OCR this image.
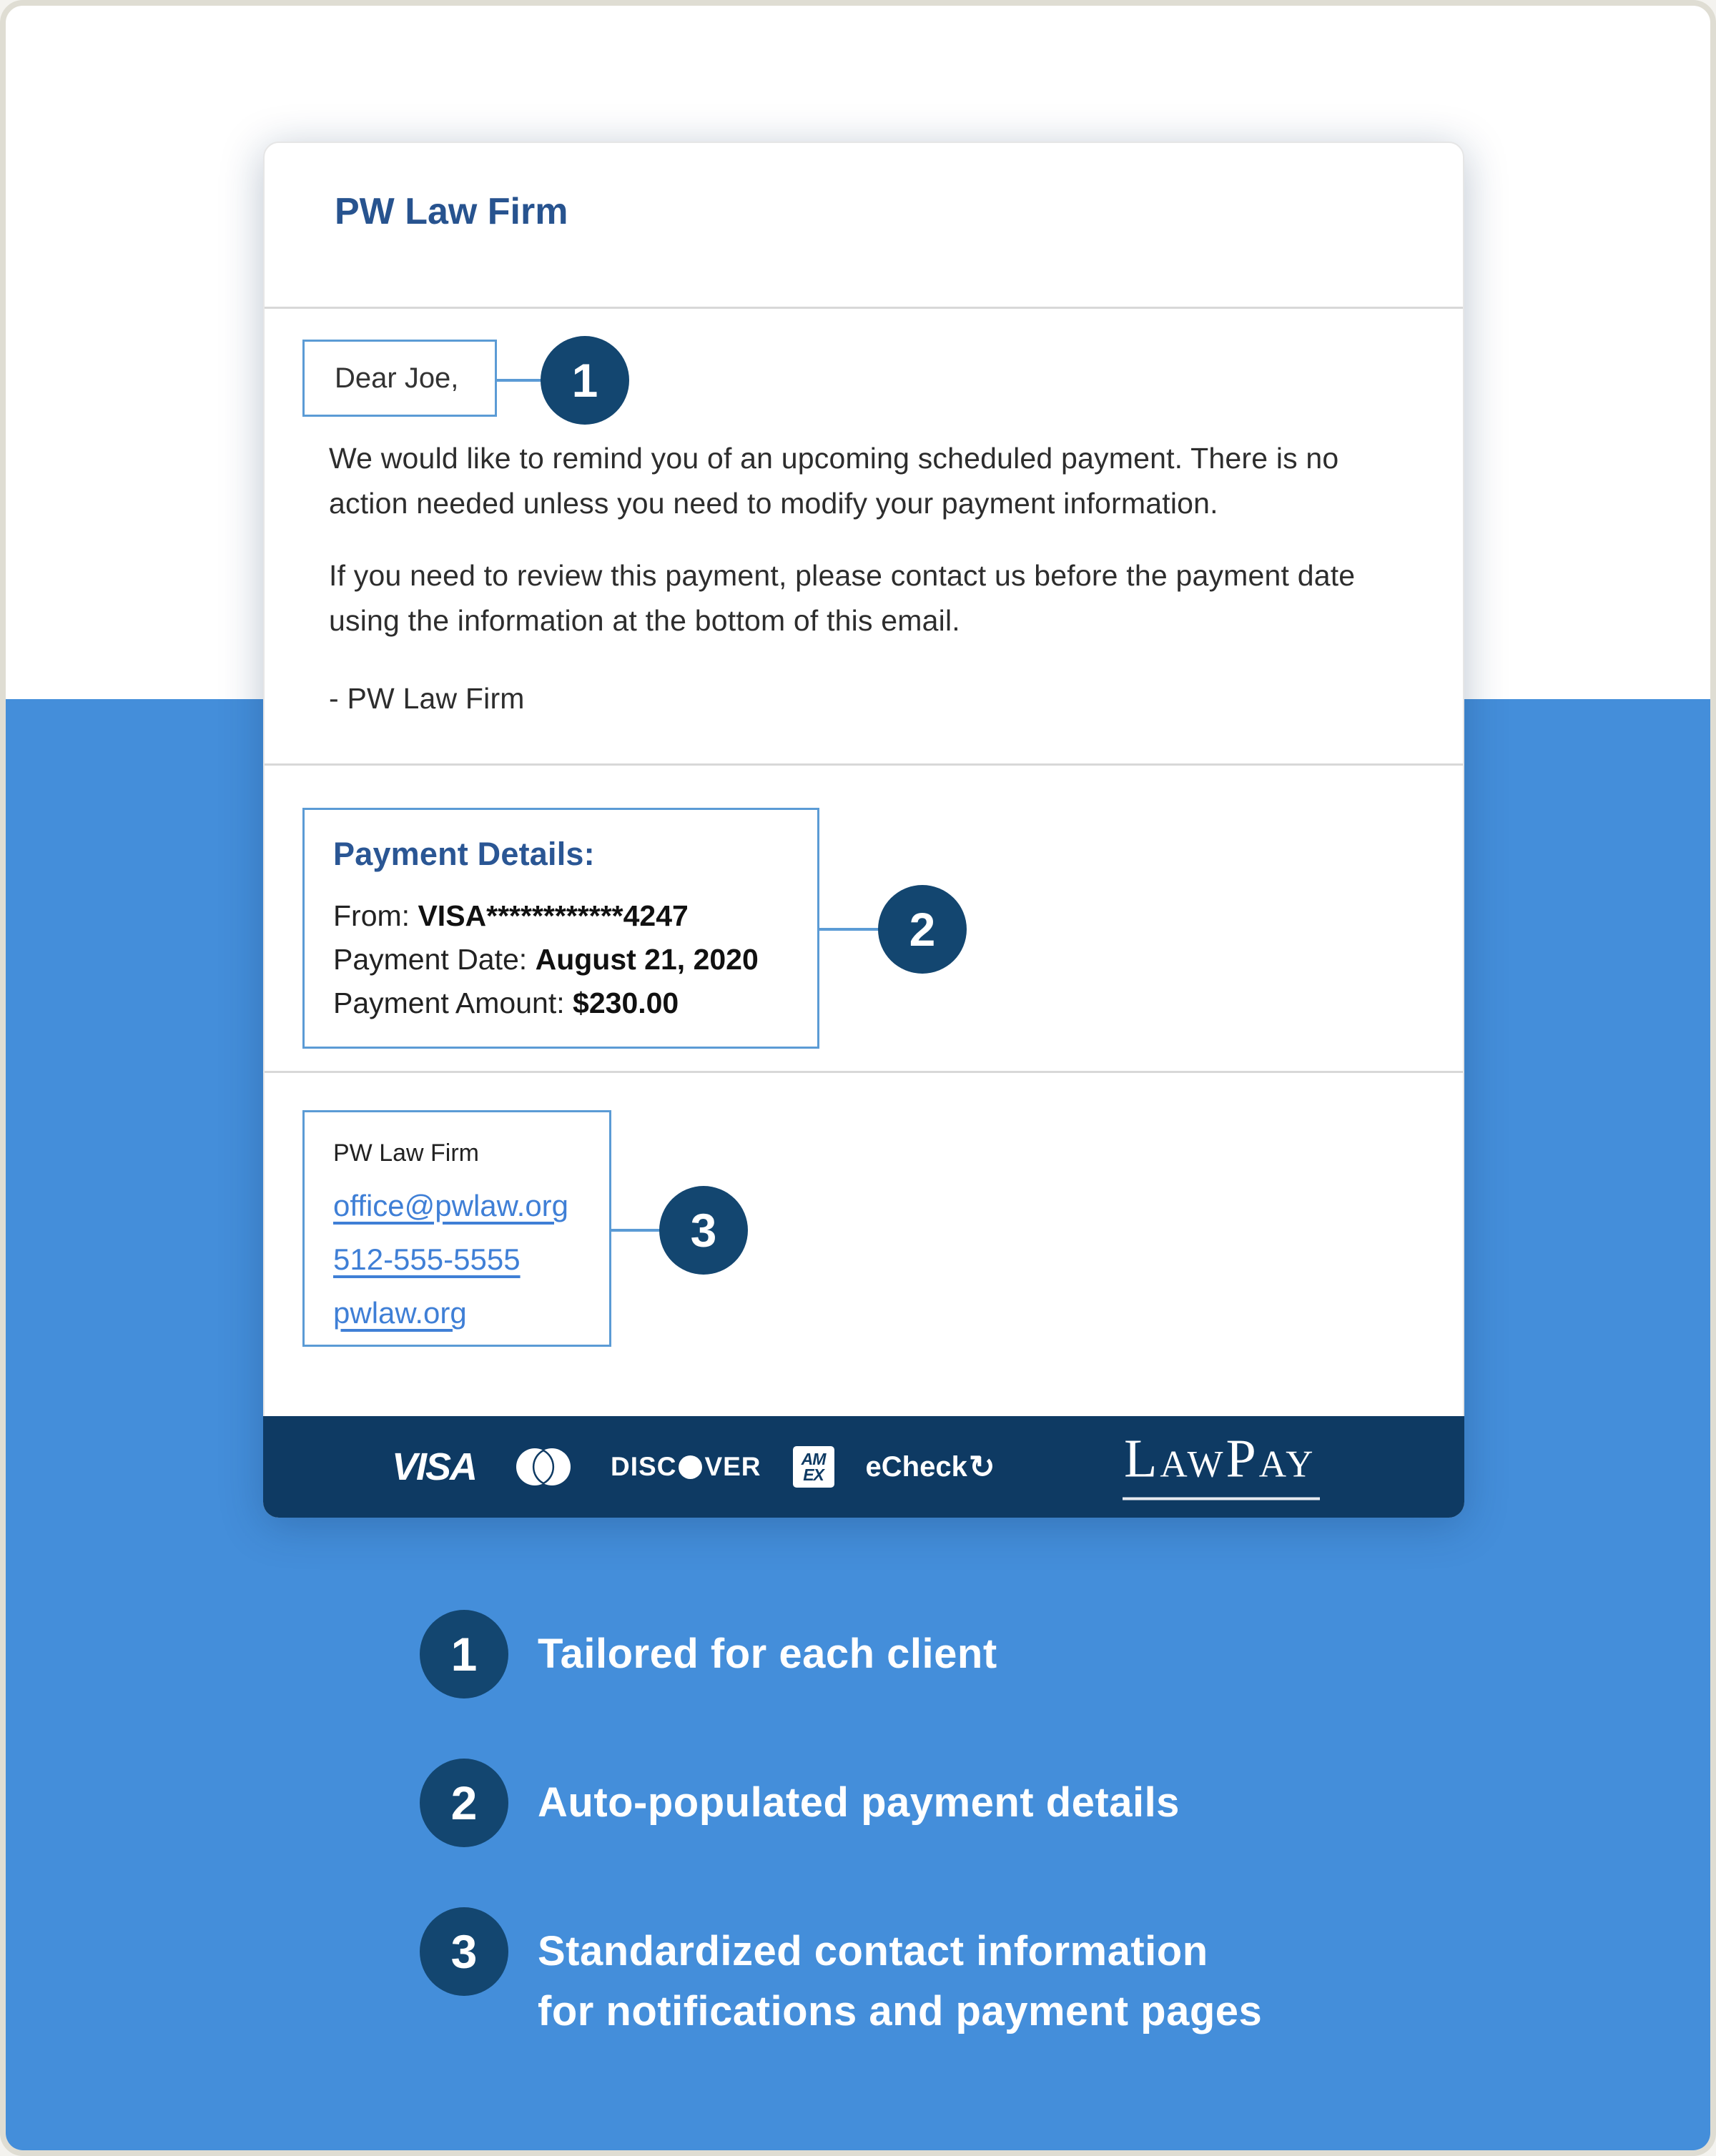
PW Law Firm
Dear Joe, 1

We would like to remind you of an upcoming scheduled payment. There is no action needed unless you need to modify your payment information.

If you need to review this payment, please contact us before the payment date using the information at the bottom of this email.

- PW Law Firm

Payment Details:
From: VISA************4247
Payment Date: August 21, 2020
Payment Amount: $230.00
2

PW Law Firm

office@pwlaw.org
512-555-5555
pwlaw.org
3
VISA	DISC VER AM
EX eCheck ↻ LawPay
1	Tailored for each client
2	Auto-populated payment details
3	Standardized contact information
for notifications and payment pages
